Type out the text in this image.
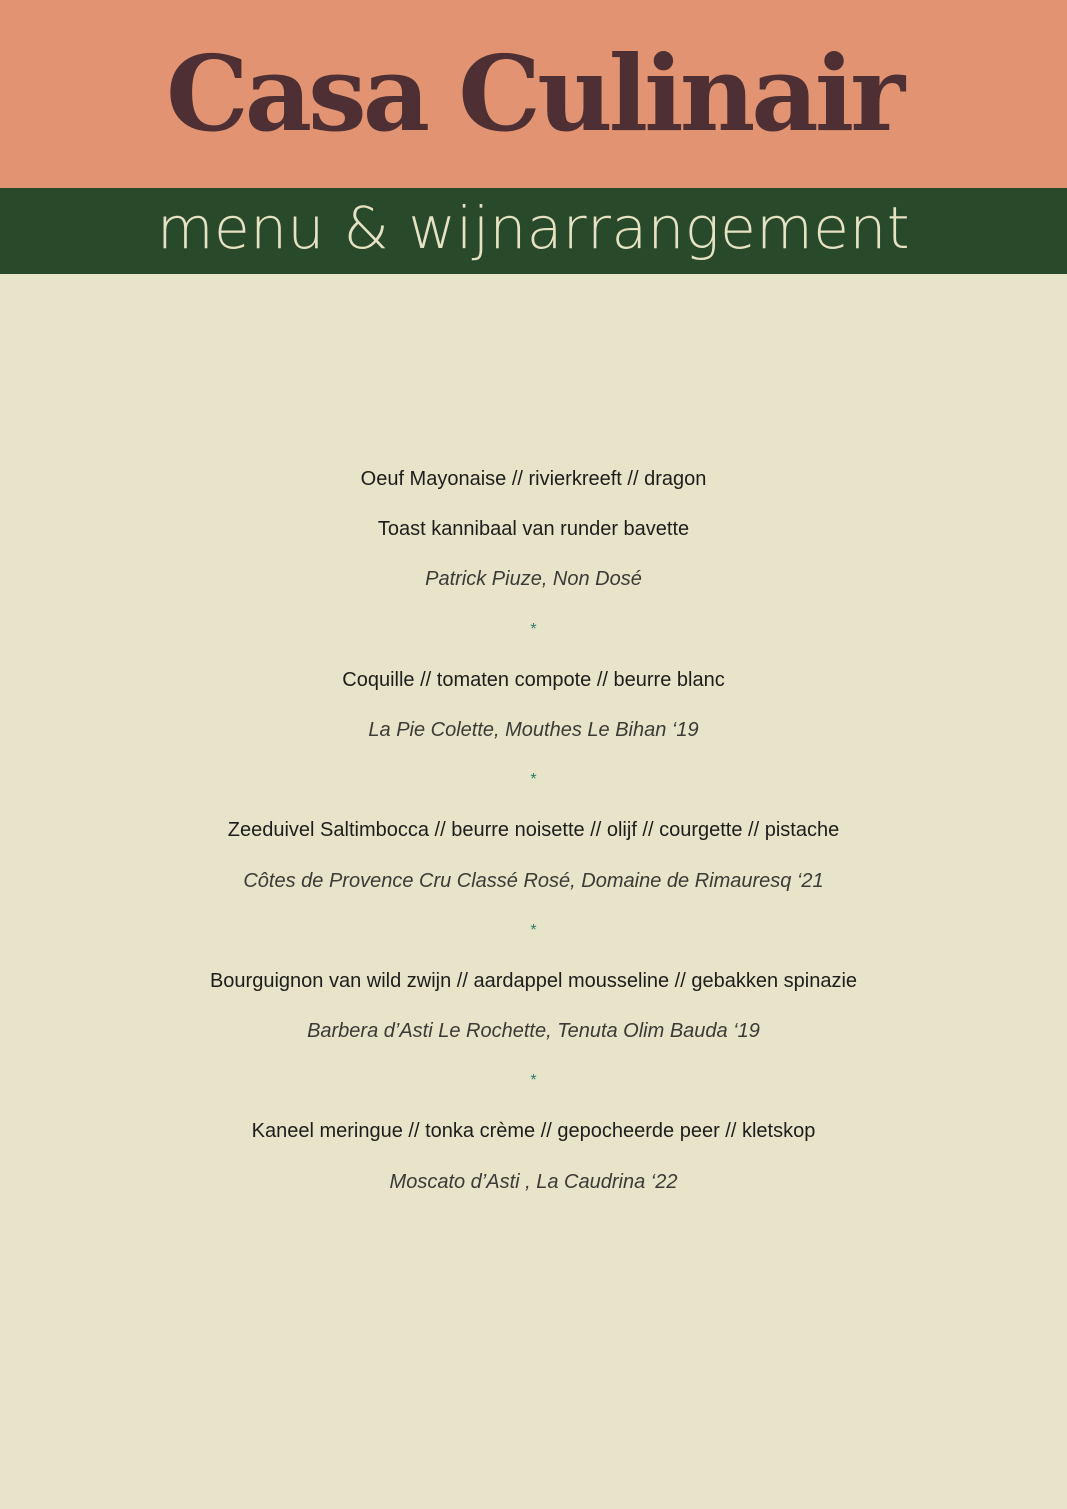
Casa Culinair
menu & wijnarrangement
Oeuf Mayonaise // rivierkreeft // dragon
Toast kannibaal van runder bavette
Patrick Piuze, Non Dosé
*
Coquille // tomaten compote // beurre blanc
La Pie Colette, Mouthes Le Bihan ‘19
*
Zeeduivel Saltimbocca // beurre noisette // olijf // courgette // pistache
Côtes de Provence Cru Classé Rosé, Domaine de Rimauresq ‘21
*
Bourguignon van wild zwijn // aardappel mousseline // gebakken spinazie
Barbera d’Asti Le Rochette, Tenuta Olim Bauda ‘19
*
Kaneel meringue // tonka crème // gepocheerde peer // kletskop
Moscato d’Asti , La Caudrina ‘22
